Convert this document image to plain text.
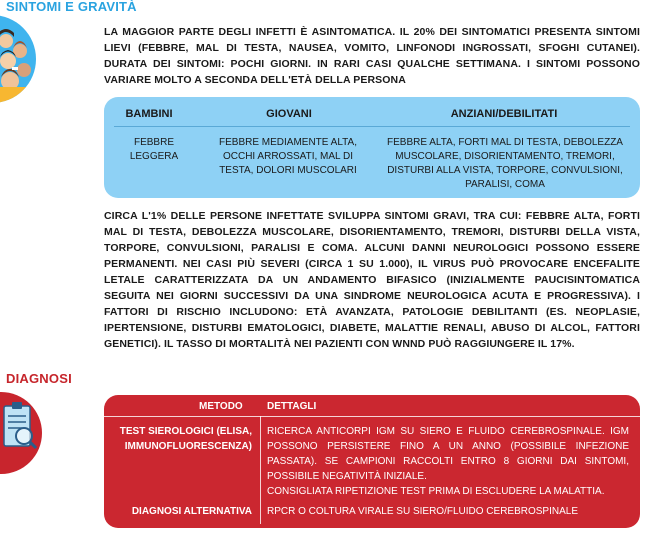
SINTOMI E GRAVITÀ
LA MAGGIOR PARTE DEGLI INFETTI È ASINTOMATICA. IL 20% DEI SINTOMATICI PRESENTA SINTOMI LIEVI (FEBBRE, MAL DI TESTA, NAUSEA, VOMITO, LINFONODI INGROSSATI, SFOGHI CUTANEI). DURATA DEI SINTOMI: POCHI GIORNI. IN RARI CASI QUALCHE SETTIMANA. I SINTOMI POSSONO VARIARE MOLTO A SECONDA DELL'ETÀ DELLA PERSONA
BAMBINI	GIOVANI	ANZIANI/DEBILITATI
FEBBRE LEGGERA
FEBBRE MEDIAMENTE ALTA, OCCHI ARROSSATI, MAL DI TESTA, DOLORI MUSCOLARI
FEBBRE ALTA, FORTI MAL DI TESTA, DEBOLEZZA MUSCOLARE, DISORIENTAMENTO, TREMORI, DISTURBI ALLA VISTA, TORPORE, CONVULSIONI, PARALISI, COMA
CIRCA L'1% DELLE PERSONE INFETTATE SVILUPPA SINTOMI GRAVI, TRA CUI: FEBBRE ALTA, FORTI MAL DI TESTA, DEBOLEZZA MUSCOLARE, DISORIENTAMENTO, TREMORI, DISTURBI DELLA VISTA, TORPORE, CONVULSIONI, PARALISI E COMA. ALCUNI DANNI NEUROLOGICI POSSONO ESSERE PERMANENTI. NEI CASI PIÙ SEVERI (CIRCA 1 SU 1.000), IL VIRUS PUÒ PROVOCARE ENCEFALITE LETALE CARATTERIZZATA DA UN ANDAMENTO BIFASICO (INIZIALMENTE PAUCISINTOMATICA SEGUITA NEI GIORNI SUCCESSIVI DA UNA SINDROME NEUROLOGICA ACUTA E PROGRESSIVA). I FATTORI DI RISCHIO INCLUDONO: ETÀ AVANZATA, PATOLOGIE DEBILITANTI (ES. NEOPLASIE, IPERTENSIONE, DISTURBI EMATOLOGICI, DIABETE, MALATTIE RENALI, ABUSO DI ALCOL, FATTORI GENETICI). IL TASSO DI MORTALITÀ NEI PAZIENTI CON WNND PUÒ RAGGIUNGERE IL 17%.
DIAGNOSI
METODO DETTAGLI
TEST SIEROLOGICI (ELISA, IMMUNOFLUORESCENZA)
RICERCA ANTICORPI IGM SU SIERO E FLUIDO CEREBROSPINALE. IGM POSSONO PERSISTERE FINO A UN ANNO (POSSIBILE INFEZIONE PASSATA). SE CAMPIONI RACCOLTI ENTRO 8 GIORNI DAI SINTOMI, POSSIBILE NEGATIVITÀ INIZIALE.
CONSIGLIATA RIPETIZIONE TEST PRIMA DI ESCLUDERE LA MALATTIA.
DIAGNOSI ALTERNATIVA RPCR O COLTURA VIRALE SU SIERO/FLUIDO CEREBROSPINALE
